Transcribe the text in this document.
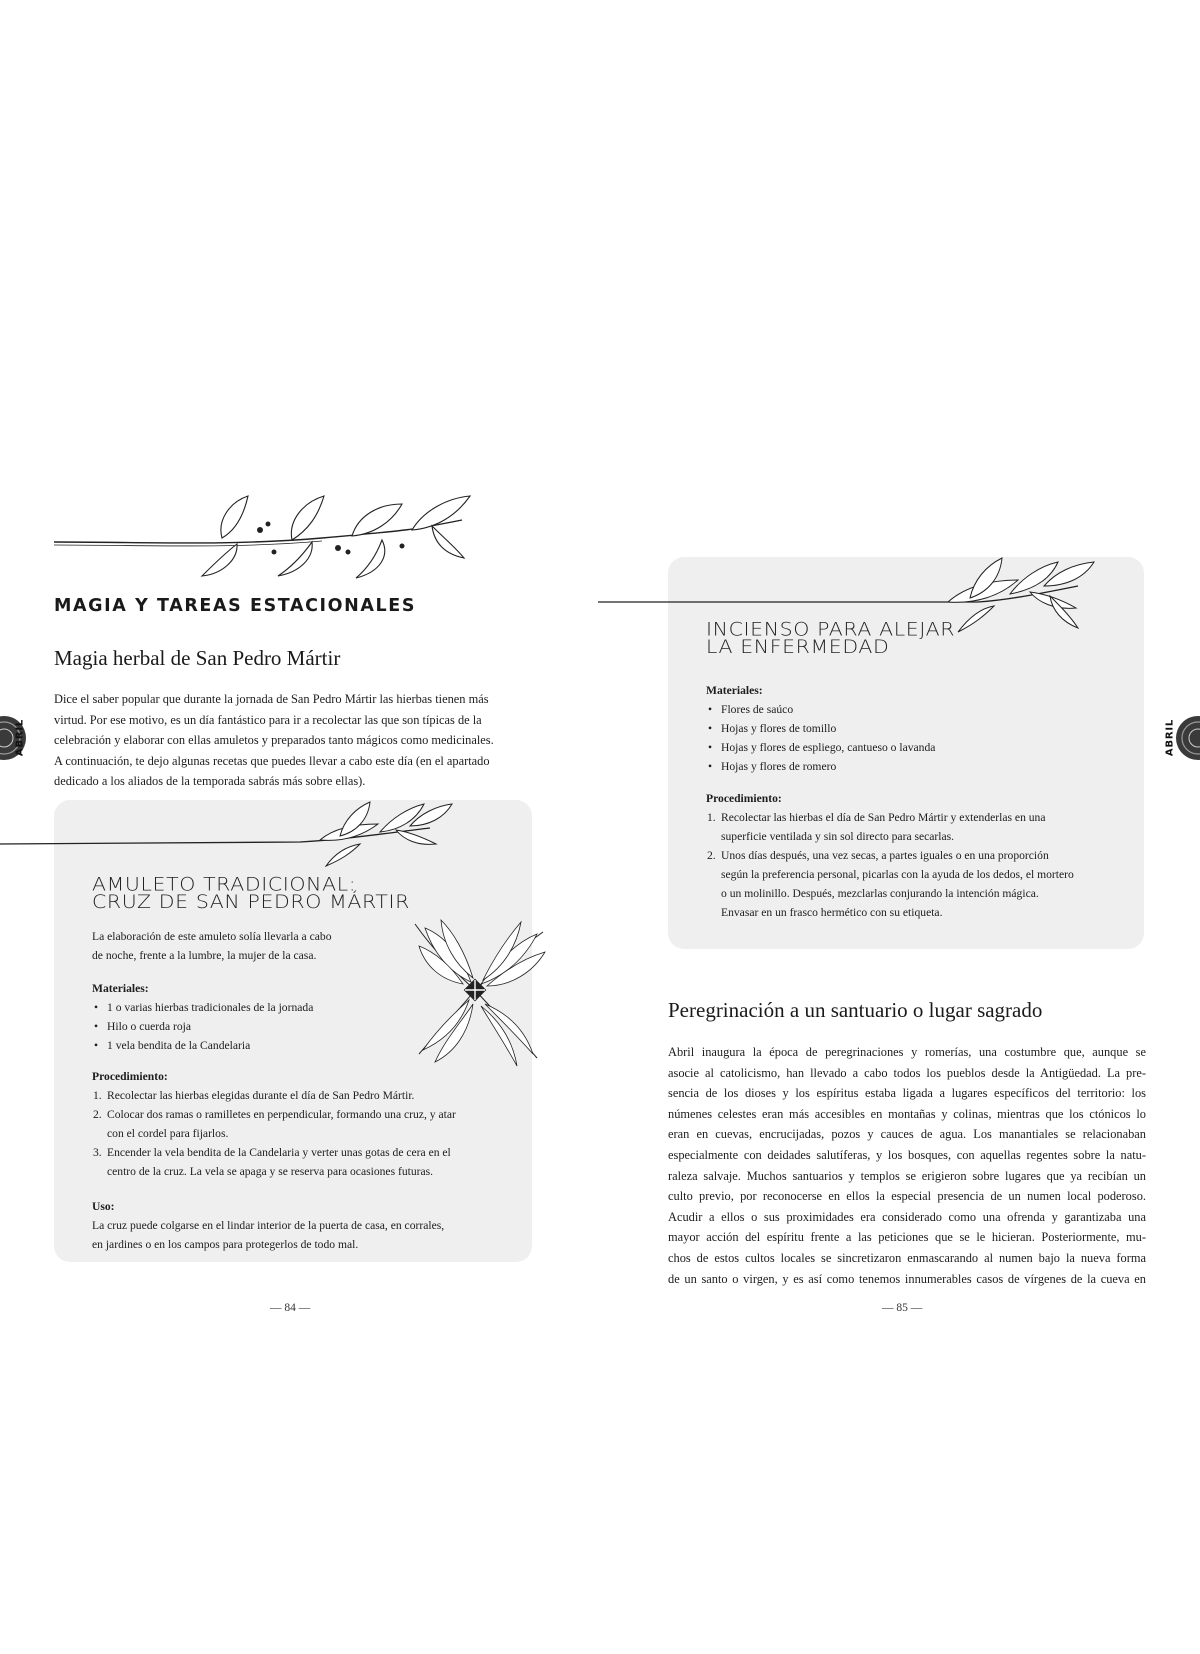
ABRIL	ABRIL
MAGIA Y TAREAS ESTACIONALES
Magia herbal de San Pedro Mártir

Dice el saber popular que durante la jornada de San Pedro Mártir las hierbas tienen más

virtud. Por ese motivo, es un día fantástico para ir a recolectar las que son típicas de la

celebración y elaborar con ellas amuletos y preparados tanto mágicos como medicinales.

A continuación, te dejo algunas recetas que puedes llevar a cabo este día (en el apartado

dedicado a los aliados de la temporada sabrás más sobre ellas).

AMULETO TRADICIONAL:
CRUZ DE SAN PEDRO MÁRTIR

La elaboración de este amuleto solía llevarla a cabo

de noche, frente a la lumbre, la mujer de la casa.

Materiales:

• 1 o varias hierbas tradicionales de la jornada
• Hilo o cuerda roja
• 1 vela bendita de la Candelaria

Procedimiento:

1. Recolectar las hierbas elegidas durante el día de San Pedro Mártir.
2. Colocar dos ramas o ramilletes en perpendicular, formando una cruz, y atar
con el cordel para fijarlos.
3. Encender la vela bendita de la Candelaria y verter unas gotas de cera en el
centro de la cruz. La vela se apaga y se reserva para ocasiones futuras.

Uso:

La cruz puede colgarse en el lindar interior de la puerta de casa, en corrales,

en jardines o en los campos para protegerlos de todo mal.

— 84 —
INCIENSO PARA ALEJAR
LA ENFERMEDAD

Materiales:

• Flores de saúco
• Hojas y flores de tomillo
• Hojas y flores de espliego, cantueso o lavanda
• Hojas y flores de romero

Procedimiento:

1. Recolectar las hierbas el día de San Pedro Mártir y extenderlas en una
superficie ventilada y sin sol directo para secarlas.
2. Unos días después, una vez secas, a partes iguales o en una proporción
según la preferencia personal, picarlas con la ayuda de los dedos, el mortero
o un molinillo. Después, mezclarlas conjurando la intención mágica.
Envasar en un frasco hermético con su etiqueta.
Peregrinación a un santuario o lugar sagrado

Abril inaugura la época de peregrinaciones y romerías, una costumbre que, aunque se

asocie al catolicismo, han llevado a cabo todos los pueblos desde la Antigüedad. La pre-

sencia de los dioses y los espíritus estaba ligada a lugares específicos del territorio: los

númenes celestes eran más accesibles en montañas y colinas, mientras que los ctónicos lo

eran en cuevas, encrucijadas, pozos y cauces de agua. Los manantiales se relacionaban

especialmente con deidades salutíferas, y los bosques, con aquellas regentes sobre la natu-

raleza salvaje. Muchos santuarios y templos se erigieron sobre lugares que ya recibían un

culto previo, por reconocerse en ellos la especial presencia de un numen local poderoso.

Acudir a ellos o sus proximidades era considerado como una ofrenda y garantizaba una

mayor acción del espíritu frente a las peticiones que se le hicieran. Posteriormente, mu-

chos de estos cultos locales se sincretizaron enmascarando al numen bajo la nueva forma

de un santo o virgen, y es así como tenemos innumerables casos de vírgenes de la cueva en

— 85 —
